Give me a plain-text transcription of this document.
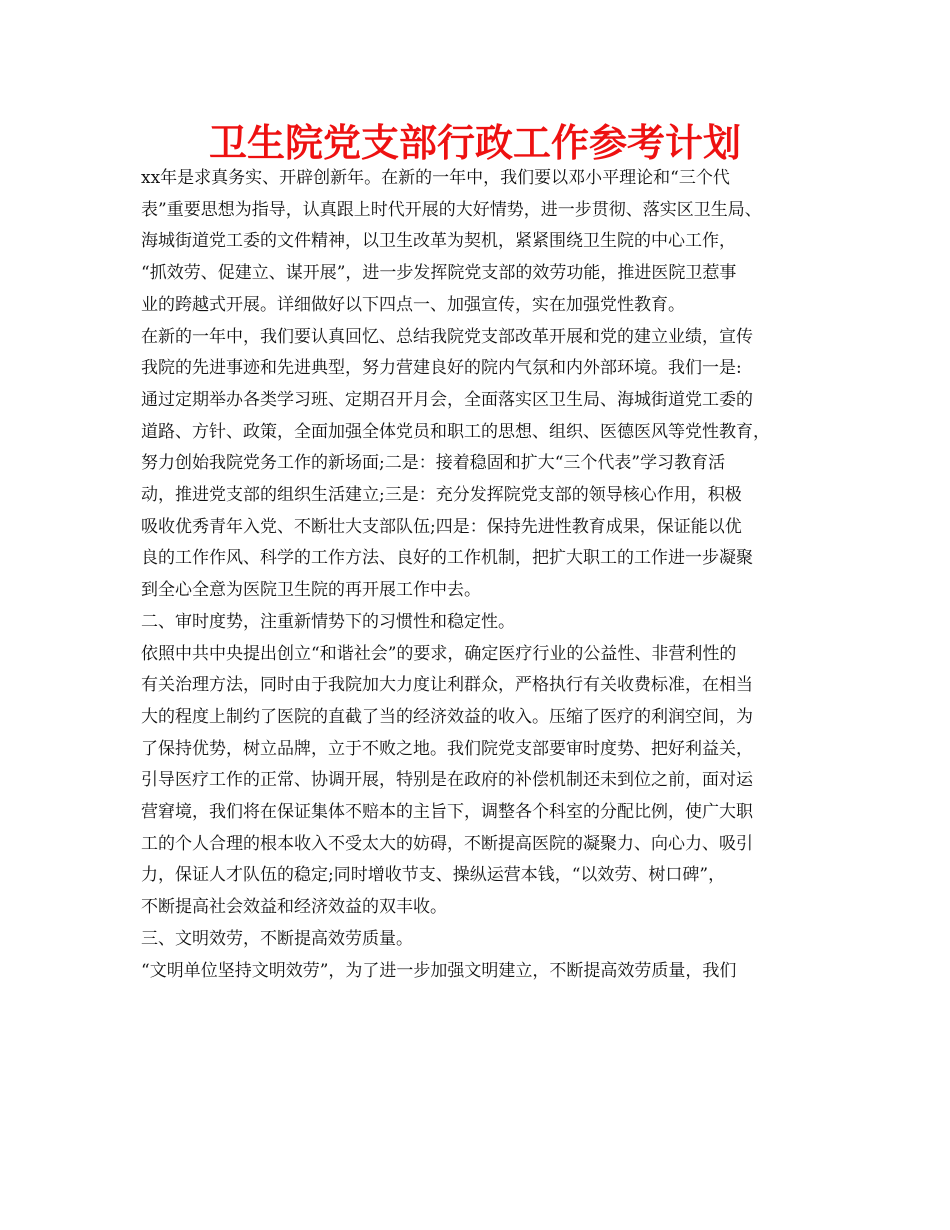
卫生院党支部行政工作参考计划
xx年是求真务实、开辟创新年。在新的一年中，我们要以邓小平理论和“三个代
表”重要思想为指导，认真跟上时代开展的大好情势，进一步贯彻、落实区卫生局、
海城街道党工委的文件精神，以卫生改革为契机，紧紧围绕卫生院的中心工作，
“抓效劳、促建立、谋开展”，进一步发挥院党支部的效劳功能，推进医院卫惹事
业的跨越式开展。详细做好以下四点一、加强宣传，实在加强党性教育。
在新的一年中，我们要认真回忆、总结我院党支部改革开展和党的建立业绩，宣传
我院的先进事迹和先进典型，努力营建良好的院内气氛和内外部环境。我们一是:
通过定期举办各类学习班、定期召开月会，全面落实区卫生局、海城街道党工委的
道路、方针、政策，全面加强全体党员和职工的思想、组织、医德医风等党性教育，
努力创始我院党务工作的新场面;二是：接着稳固和扩大“三个代表”学习教育活
动，推进党支部的组织生活建立;三是：充分发挥院党支部的领导核心作用，积极
吸收优秀青年入党、不断壮大支部队伍;四是：保持先进性教育成果，保证能以优
良的工作作风、科学的工作方法、良好的工作机制，把扩大职工的工作进一步凝聚
到全心全意为医院卫生院的再开展工作中去。
二、审时度势，注重新情势下的习惯性和稳定性。
依照中共中央提出创立“和谐社会”的要求，确定医疗行业的公益性、非营利性的
有关治理方法，同时由于我院加大力度让利群众，严格执行有关收费标准，在相当
大的程度上制约了医院的直截了当的经济效益的收入。压缩了医疗的利润空间，为
了保持优势，树立品牌，立于不败之地。我们院党支部要审时度势、把好利益关，
引导医疗工作的正常、协调开展，特别是在政府的补偿机制还未到位之前，面对运
营窘境，我们将在保证集体不赔本的主旨下，调整各个科室的分配比例，使广大职
工的个人合理的根本收入不受太大的妨碍，不断提高医院的凝聚力、向心力、吸引
力，保证人才队伍的稳定;同时增收节支、操纵运营本钱，“以效劳、树口碑”，
不断提高社会效益和经济效益的双丰收。
三、文明效劳，不断提高效劳质量。
“文明单位坚持文明效劳”，为了进一步加强文明建立，不断提高效劳质量，我们
